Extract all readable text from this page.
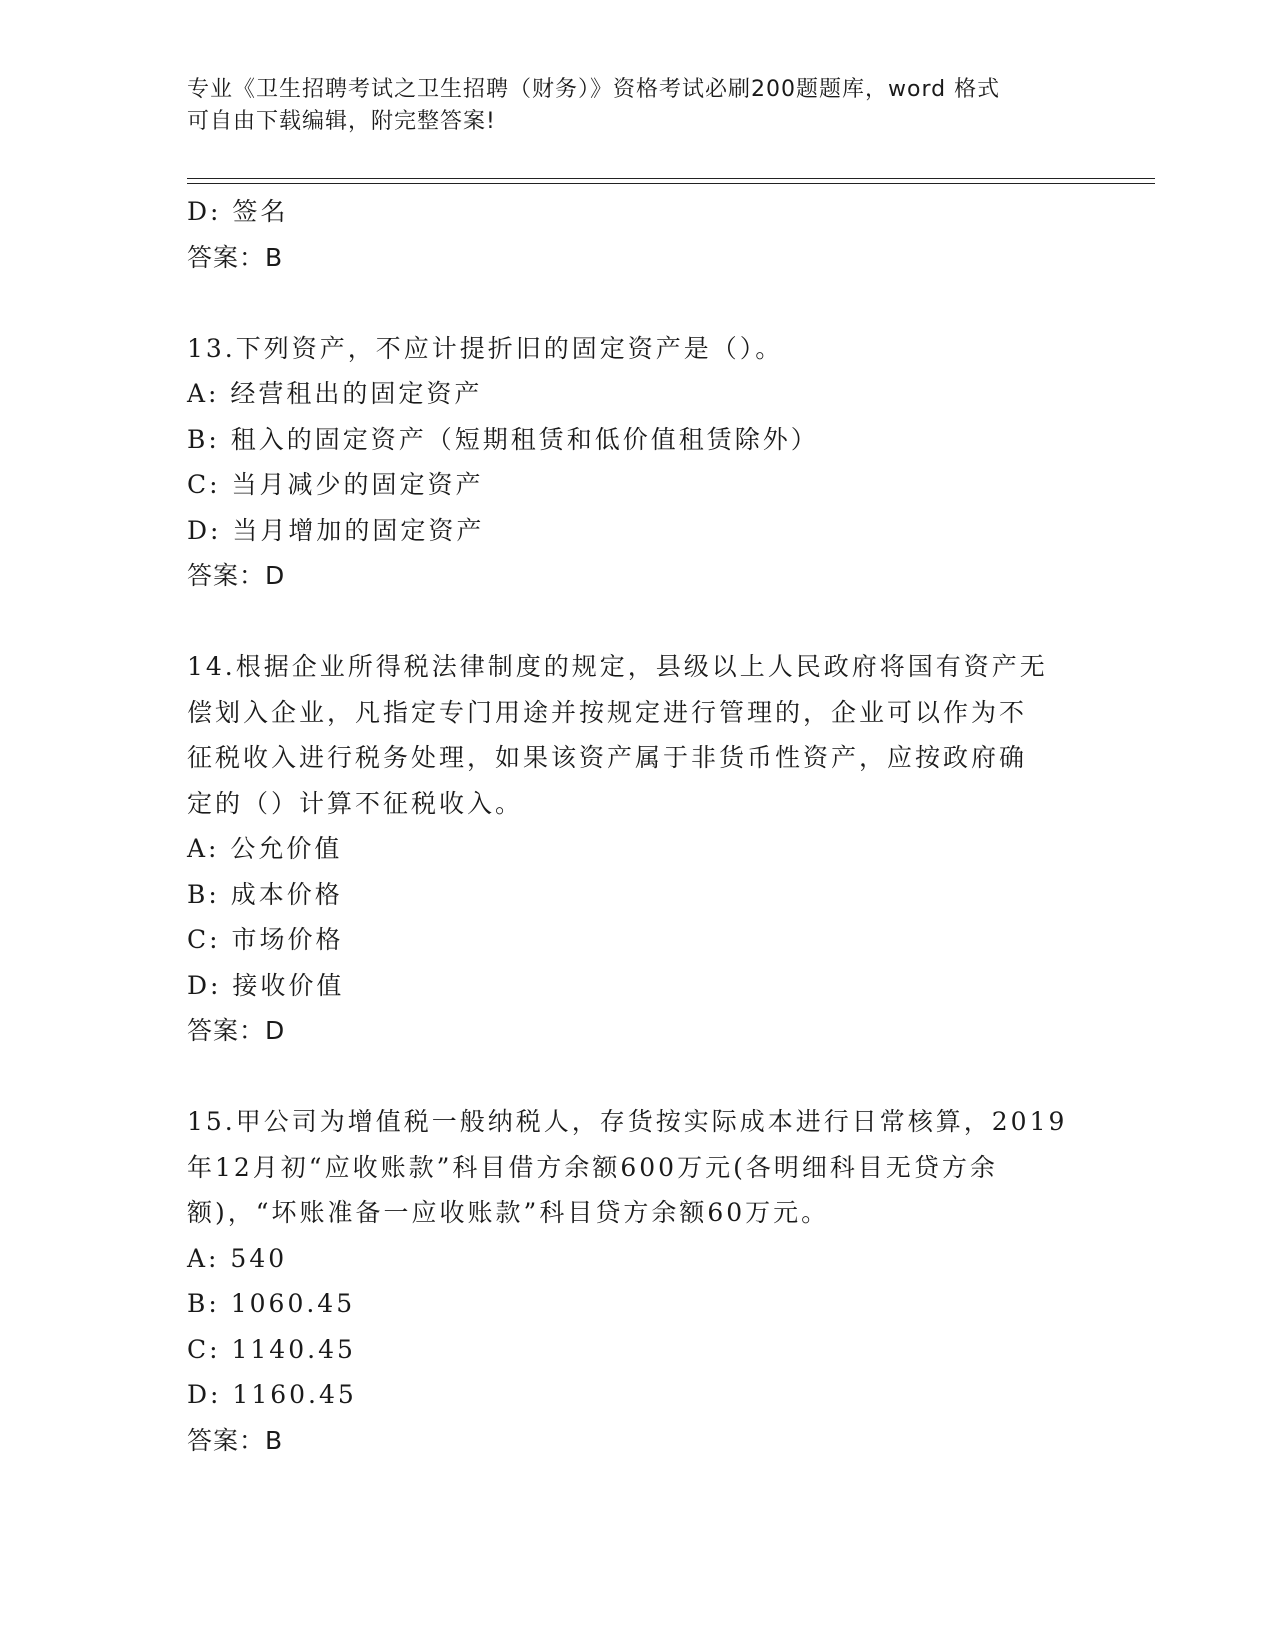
专业《卫生招聘考试之卫生招聘（财务）》资格考试必刷200题题库，word 格式
可自由下载编辑，附完整答案!
D: 签名
答案：B
13.下列资产，不应计提折旧的固定资产是（）。
A: 经营租出的固定资产
B: 租入的固定资产（短期租赁和低价值租赁除外）
C: 当月减少的固定资产
D: 当月增加的固定资产
答案：D
14.根据企业所得税法律制度的规定，县级以上人民政府将国有资产无
偿划入企业，凡指定专门用途并按规定进行管理的，企业可以作为不
征税收入进行税务处理，如果该资产属于非货币性资产，应按政府确
定的（）计算不征税收入。
A: 公允价值
B: 成本价格
C: 市场价格
D: 接收价值
答案：D
15.甲公司为增值税一般纳税人，存货按实际成本进行日常核算，2019
年12月初“应收账款”科目借方余额600万元(各明细科目无贷方余
额)，“坏账准备一应收账款”科目贷方余额60万元。
A: 540
B: 1060.45
C: 1140.45
D: 1160.45
答案：B
